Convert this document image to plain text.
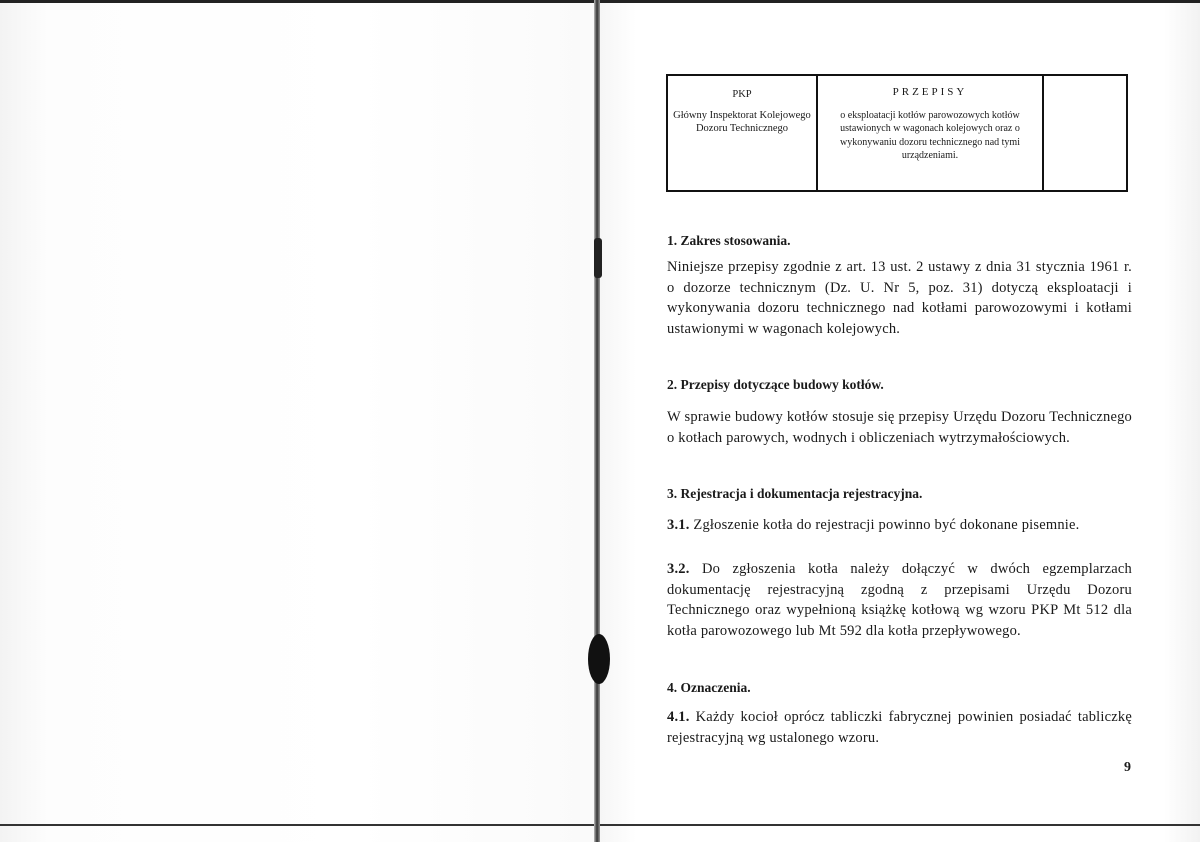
PKP
Główny Inspektorat Kolejowego Dozoru Technicznego
PRZEPISY
o eksploatacji kotłów parowozowych kotłów ustawionych w wagonach kolejowych oraz o wykonywaniu dozoru technicznego nad tymi urządzeniami.

1. Zakres stosowania.

Niniejsze przepisy zgodnie z art. 13 ust. 2 ustawy z dnia 31 stycznia 1961 r. o dozorze technicznym (Dz. U. Nr 5, poz. 31) dotyczą eksploatacji i wykonywania dozoru technicznego nad kotłami parowozowymi i kotłami ustawionymi w wagonach kolejowych.

2. Przepisy dotyczące budowy kotłów.

W sprawie budowy kotłów stosuje się przepisy Urzędu Dozoru Technicznego o kotłach parowych, wodnych i obliczeniach wytrzymałościowych.

3. Rejestracja i dokumentacja rejestracyjna.

3.1. Zgłoszenie kotła do rejestracji powinno być dokonane pisemnie.

3.2. Do zgłoszenia kotła należy dołączyć w dwóch egzemplarzach dokumentację rejestracyjną zgodną z przepisami Urzędu Dozoru Technicznego oraz wypełnioną książkę kotłową wg wzoru PKP Mt 512 dla kotła parowozowego lub Mt 592 dla kotła przepływowego.

4. Oznaczenia.

4.1. Każdy kocioł oprócz tabliczki fabrycznej powinien posiadać tabliczkę rejestracyjną wg ustalonego wzoru.

9
